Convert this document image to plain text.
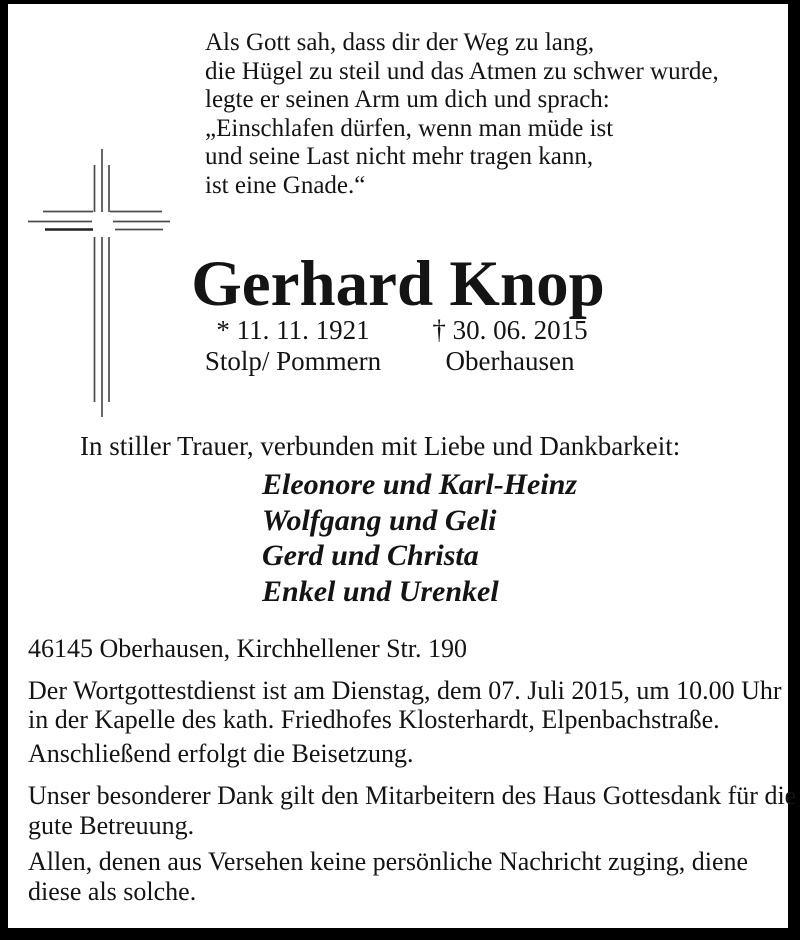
Als Gott sah, dass dir der Weg zu lang,
die Hügel zu steil und das Atmen zu schwer wurde,
legte er seinen Arm um dich und sprach:
„Einschlafen dürfen, wenn man müde ist
und seine Last nicht mehr tragen kann,
ist eine Gnade.“
Gerhard Knop
* 11. 11. 1921
Stolp/ Pommern
† 30. 06. 2015
Oberhausen
In stiller Trauer, verbunden mit Liebe und Dankbarkeit:
Eleonore und Karl-Heinz
Wolfgang und Geli
Gerd und Christa
Enkel und Urenkel
46145 Oberhausen, Kirchhellener Str. 190
Der Wortgottestdienst ist am Dienstag, dem 07. Juli 2015, um 10.00 Uhr
in der Kapelle des kath. Friedhofes Klosterhardt, Elpenbachstraße.
Anschließend erfolgt die Beisetzung.
Unser besonderer Dank gilt den Mitarbeitern des Haus Gottesdank für die
gute Betreuung.
Allen, denen aus Versehen keine persönliche Nachricht zuging, diene
diese als solche.
